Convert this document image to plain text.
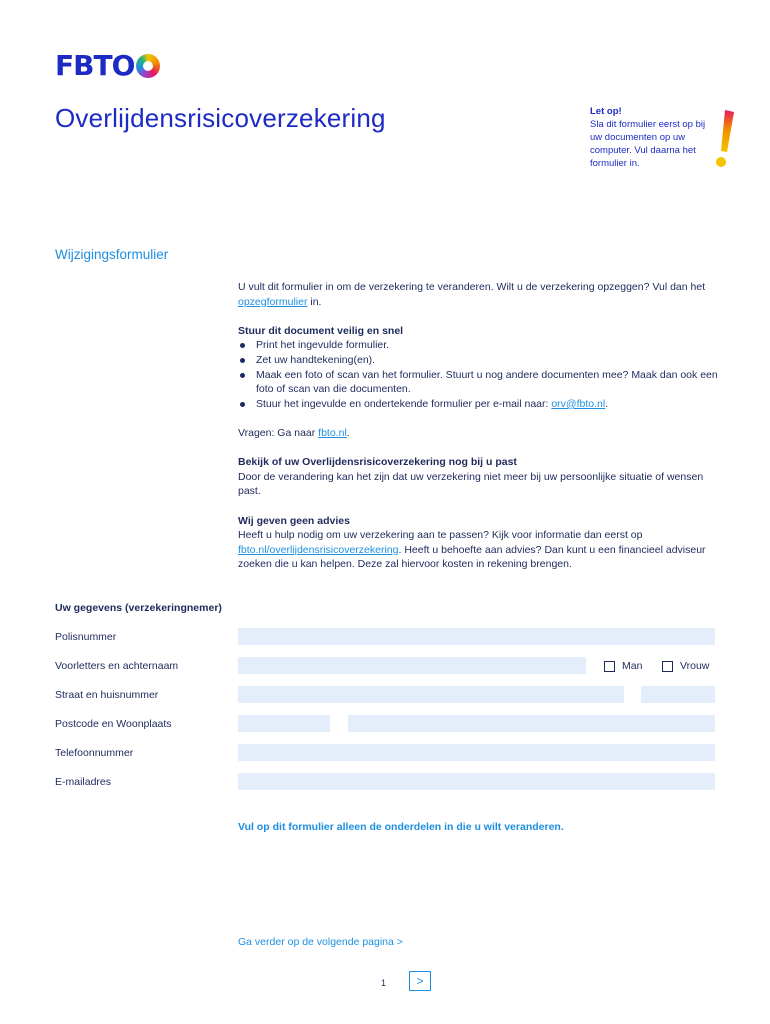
FBTO
Overlijdensrisicoverzekering	Let op!
Sla dit formulier eerst op bij uw documenten op uw computer. Vul daarna het formulier in.
Wijzigingsformulier

U vult dit formulier in om de verzekering te veranderen. Wilt u de verzekering opzeggen? Vul dan het opzegformulier in.

Stuur dit document veilig en snel
Print het ingevulde formulier.
Zet uw handtekening(en).
Maak een foto of scan van het formulier. Stuurt u nog andere documenten mee? Maak dan ook een foto of scan van die documenten.
Stuur het ingevulde en ondertekende formulier per e-mail naar: orv@fbto.nl.

Vragen: Ga naar fbto.nl.

Bekijk of uw Overlijdensrisicoverzekering nog bij u past
Door de verandering kan het zijn dat uw verzekering niet meer bij uw persoonlijke situatie of wensen past.

Wij geven geen advies
Heeft u hulp nodig om uw verzekering aan te passen? Kijk voor informatie dan eerst op fbto.nl/overlijdensrisicoverzekering. Heeft u behoefte aan advies? Dan kunt u een financieel adviseur zoeken die u kan helpen. Deze zal hiervoor kosten in rekening brengen.

Uw gegevens (verzekeringnemer)
Polisnummer
Voorletters en achternaam	Man	Vrouw
Straat en huisnummer
Postcode en Woonplaats
Telefoonnummer
E-mailadres
Vul op dit formulier alleen de onderdelen in die u wilt veranderen.
Ga verder op de volgende pagina >
1	>
